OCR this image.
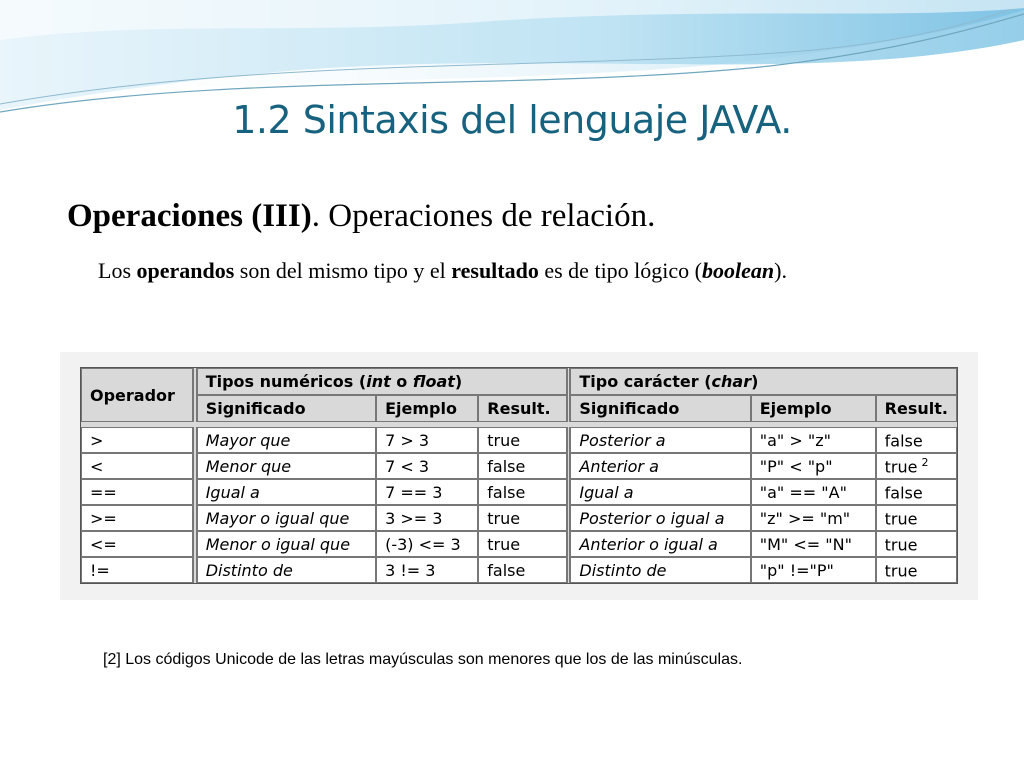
1.2 Sintaxis del lenguaje JAVA.
Operaciones (III). Operaciones de relación.
Los operandos son del mismo tipo y el resultado es de tipo lógico (boolean).
Operador		Tipos numéricos (int o float)				Tipo carácter (char)		
		Significado	Ejemplo	Result.		Significado	Ejemplo	Result.

>		Mayor que	7 > 3	true		Posterior a	"a" > "z"	false
<		Menor que	7 < 3	false		Anterior a	"P" < "p"	true $^2$
==		Igual a	7 == 3	false		Igual a	"a" == "A"	false
>=		Mayor o igual que	3 >= 3	true		Posterior o igual a	"z" >= "m"	true
<=		Menor o igual que	(-3) <= 3	true		Anterior o igual a	"M" <= "N"	true
!=		Distinto de	3 != 3	false		Distinto de	"p" !="P"	true
[2] Los códigos Unicode de las letras mayúsculas son menores que los de las minúsculas.
